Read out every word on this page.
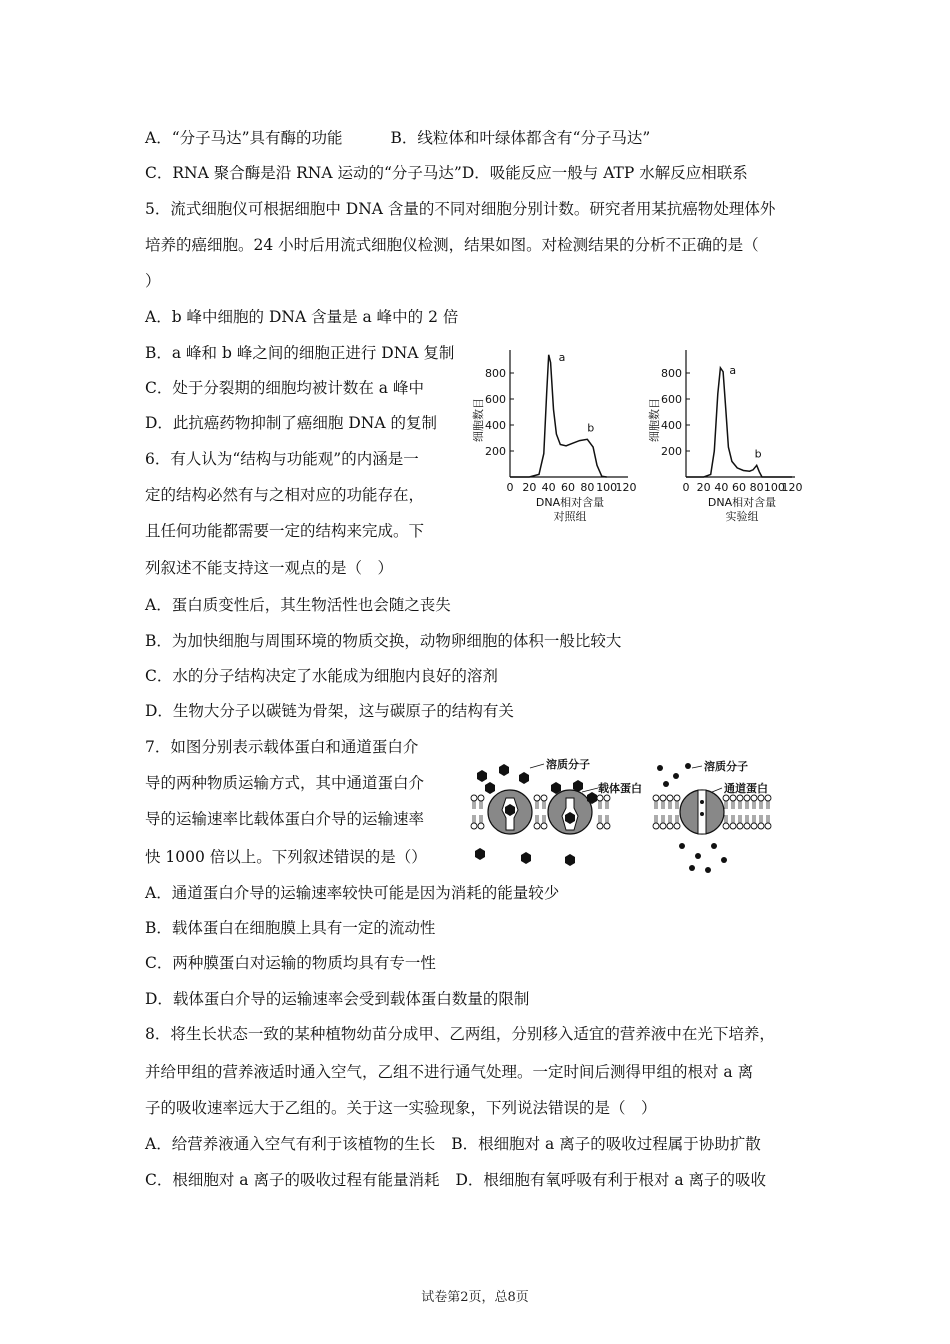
A．“分子马达”具有酶的功能	B．线粒体和叶绿体都含有“分子马达”
C．RNA 聚合酶是沿 RNA 运动的“分子马达”D．吸能反应一般与 ATP 水解反应相联系
5．流式细胞仪可根据细胞中 DNA 含量的不同对细胞分别计数。研究者用某抗癌物处理体外
培养的癌细胞。24 小时后用流式细胞仪检测，结果如图。对检测结果的分析不正确的是（
）
A．b 峰中细胞的 DNA 含量是 a 峰中的 2 倍
B．a 峰和 b 峰之间的细胞正进行 DNA 复制
C．处于分裂期的细胞均被计数在 a 峰中
D．此抗癌药物抑制了癌细胞 DNA 的复制	细胞数目
200
400
600
800
0 20 40 60 80 100
120
a
b
DNA相对含量
对照组
细胞数目
200
400
600
800
0 20 40 60 80 100
120
a
b
DNA相对含量
实验组
6．有人认为“结构与功能观”的内涵是一
定的结构必然有与之相对应的功能存在，
且任何功能都需要一定的结构来完成。下
列叙述不能支持这一观点的是（　）
A．蛋白质变性后，其生物活性也会随之丧失
B．为加快细胞与周围环境的物质交换，动物卵细胞的体积一般比较大
C．水的分子结构决定了水能成为细胞内良好的溶剂
D．生物大分子以碳链为骨架，这与碳原子的结构有关
7．如图分别表示载体蛋白和通道蛋白介
导的两种物质运输方式，其中通道蛋白介
导的运输速率比载体蛋白介导的运输速率
快 1000 倍以上。下列叙述错误的是（）
溶质分子
载体蛋白
溶质分子
通道蛋白
A．通道蛋白介导的运输速率较快可能是因为消耗的能量较少
B．载体蛋白在细胞膜上具有一定的流动性
C．两种膜蛋白对运输的物质均具有专一性
D．载体蛋白介导的运输速率会受到载体蛋白数量的限制
8．将生长状态一致的某种植物幼苗分成甲、乙两组，分别移入适宜的营养液中在光下培养，
并给甲组的营养液适时通入空气，乙组不进行通气处理。一定时间后测得甲组的根对 a 离
子的吸收速率远大于乙组的。关于这一实验现象，下列说法错误的是（　）
A．给营养液通入空气有利于该植物的生长 B．根细胞对 a 离子的吸收过程属于协助扩散
C．根细胞对 a 离子的吸收过程有能量消耗 D．根细胞有氧呼吸有利于根对 a 离子的吸收
试卷第2页，总8页
